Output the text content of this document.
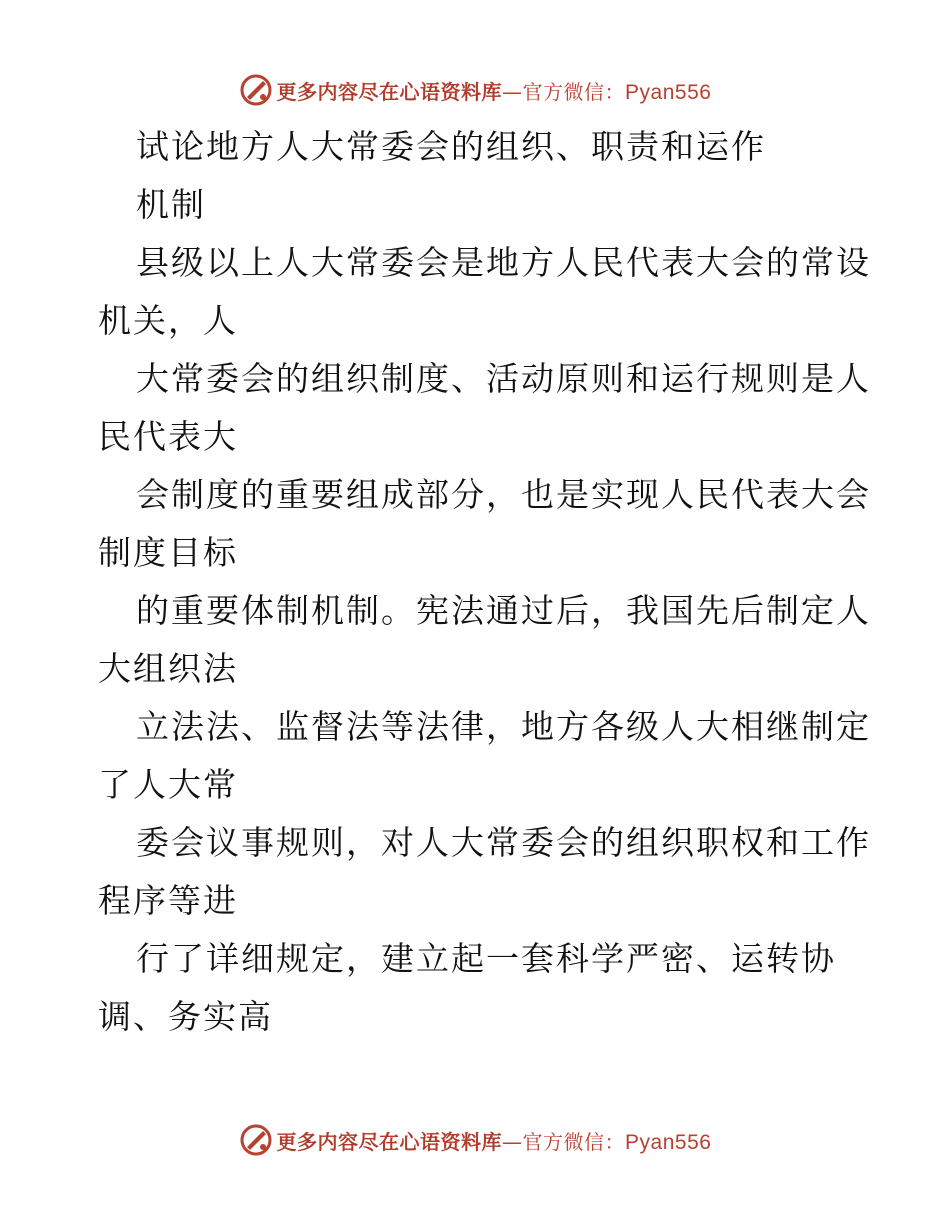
更多内容尽在心语资料库—官方微信：Pyan556
试论地方人大常委会的组织、职责和运作
机制
县级以上人大常委会是地方人民代表大会的常设
机关，人
大常委会的组织制度、活动原则和运行规则是人
民代表大
会制度的重要组成部分，也是实现人民代表大会
制度目标
的重要体制机制。宪法通过后，我国先后制定人
大组织法
立法法、监督法等法律，地方各级人大相继制定
了人大常
委会议事规则，对人大常委会的组织职权和工作
程序等进
行了详细规定，建立起一套科学严密、运转协
调、务实高
更多内容尽在心语资料库—官方微信：Pyan556
